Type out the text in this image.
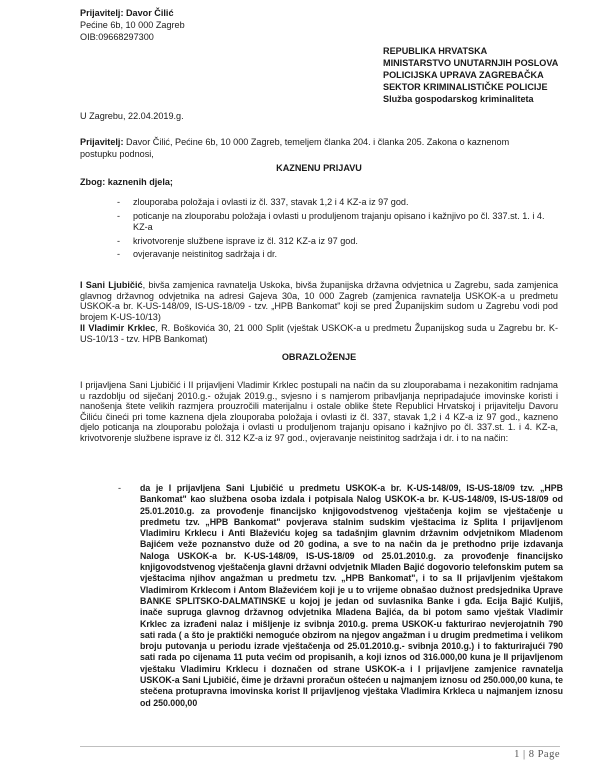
Prijavitelj: Davor Čilić
Pećine 6b, 10 000 Zagreb
OIB:09668297300
REPUBLIKA HRVATSKA
MINISTARSTVO UNUTARNJIH POSLOVA
POLICIJSKA UPRAVA ZAGREBAČKA
SEKTOR KRIMINALISTIČKE POLICIJE
Služba gospodarskog kriminaliteta
U Zagrebu, 22.04.2019.g.
Prijavitelj: Davor Čilić, Pećine 6b, 10 000 Zagreb, temeljem članka 204. i članka 205. Zakona o kaznenom
postupku podnosi,
KAZNENU PRIJAVU
Zbog: kaznenih djela;
-	zlouporaba položaja i ovlasti iz čl. 337, stavak 1,2 i 4 KZ-a iz 97 god.
-	poticanje na zlouporabu položaja i ovlasti u produljenom trajanju opisano i kažnjivo po čl. 337.st. 1. i 4. KZ-a
-	krivotvorenje službene isprave iz čl. 312 KZ-a iz 97 god.
-	ovjeravanje neistinitog sadržaja i dr.
I Sani Ljubičić, bivša zamjenica ravnatelja Uskoka, bivša županijska državna odvjetnica u Zagrebu, sada zamjenica glavnog državnog odvjetnika na adresi Gajeva 30a, 10 000 Zagreb (zamjenica ravnatelja USKOK-a u predmetu USKOK-a br. K-US-148/09, IS-US-18/09 - tzv. „HPB Bankomat" koji se pred Županijskim sudom u Zagrebu vodi pod brojem K-US-10/13)
II Vladimir Krklec, R. Boškovića 30, 21 000 Split (vještak USKOK-a u predmetu Županijskog suda u Zagrebu br. K-US-10/13 - tzv. HPB Bankomat)
OBRAZLOŽENJE
I prijavljena Sani Ljubičić i II prijavljeni Vladimir Krklec postupali na način da su zlouporabama i nezakonitim radnjama u razdoblju od siječanj 2010.g.- ožujak 2019.g., svjesno i s namjerom pribavljanja nepripadajuće imovinske koristi i nanošenja štete velikih razmjera prouzročili materijalnu i ostale oblike štete Republici Hrvatskoj i prijavitelju Davoru Čiliću čineći pri tome kaznena djela zlouporaba položaja i ovlasti iz čl. 337, stavak 1,2 i 4 KZ-a iz 97 god., kazneno djelo poticanja na zlouporabu položaja i ovlasti u produljenom trajanju opisano i kažnjivo po čl. 337.st. 1. i 4. KZ-a, krivotvorenje službene isprave iz čl. 312 KZ-a iz 97 god., ovjeravanje neistinitog sadržaja i dr. i to na način:
-	da je I prijavljena Sani Ljubičić u predmetu USKOK-a br. K-US-148/09, IS-US-18/09 tzv. „HPB Bankomat" kao službena osoba izdala i potpisala Nalog USKOK-a br. K-US-148/09, IS-US-18/09 od 25.01.2010.g. za provođenje financijsko knjigovodstvenog vještačenja kojim se vještačenje u predmetu tzv. „HPB Bankomat" povjerava stalnim sudskim vještacima iz Splita I prijavljenom Vladimiru Krklecu i Anti Blaževiću kojeg sa tadašnjim glavnim državnim odvjetnikom Mladenom Bajićem veže poznanstvo duže od 20 godina, a sve to na način da je prethodno prije izdavanja Naloga USKOK-a br. K-US-148/09, IS-US-18/09 od 25.01.2010.g. za provođenje financijsko knjigovodstvenog vještačenja glavni državni odvjetnik Mladen Bajić dogovorio telefonskim putem sa vještacima njihov angažman u predmetu tzv. „HPB Bankomat", i to sa II prijavljenim vještakom Vladimirom Krklecom i Antom Blaževićem koji je u to vrijeme obnašao dužnost predsjednika Uprave BANKE SPLITSKO-DALMATINSKE u kojoj je jedan od suvlasnika Banke i gđa. Ecija Bajić Kuljiš, inače supruga glavnog državnog odvjetnika Mladena Bajića, da bi potom samo vještak Vladimir Krklec za izrađeni nalaz i mišljenje iz svibnja 2010.g. prema USKOK-u fakturirao nevjerojatnih 790 sati rada ( a što je praktički nemoguće obzirom na njegov angažman i u drugim predmetima i velikom broju putovanja u periodu izrade vještačenja od 25.01.2010.g.- svibnja 2010.g.) i to fakturirajući 790 sati rada po cijenama 11 puta većim od propisanih, a koji iznos od 316.000,00 kuna je II prijavljenom vještaku Vladimiru Krklecu i doznačen od strane USKOK-a i I prijavljene zamjenice ravnatelja USKOK-a Sani Ljubičić, čime je državni proračun oštećen u najmanjem iznosu od 250.000,00 kuna, te stečena protupravna imovinska korist II prijavljenog vještaka Vladimira Krkleca u najmanjem iznosu od 250.000,00
1 | 8 Page
